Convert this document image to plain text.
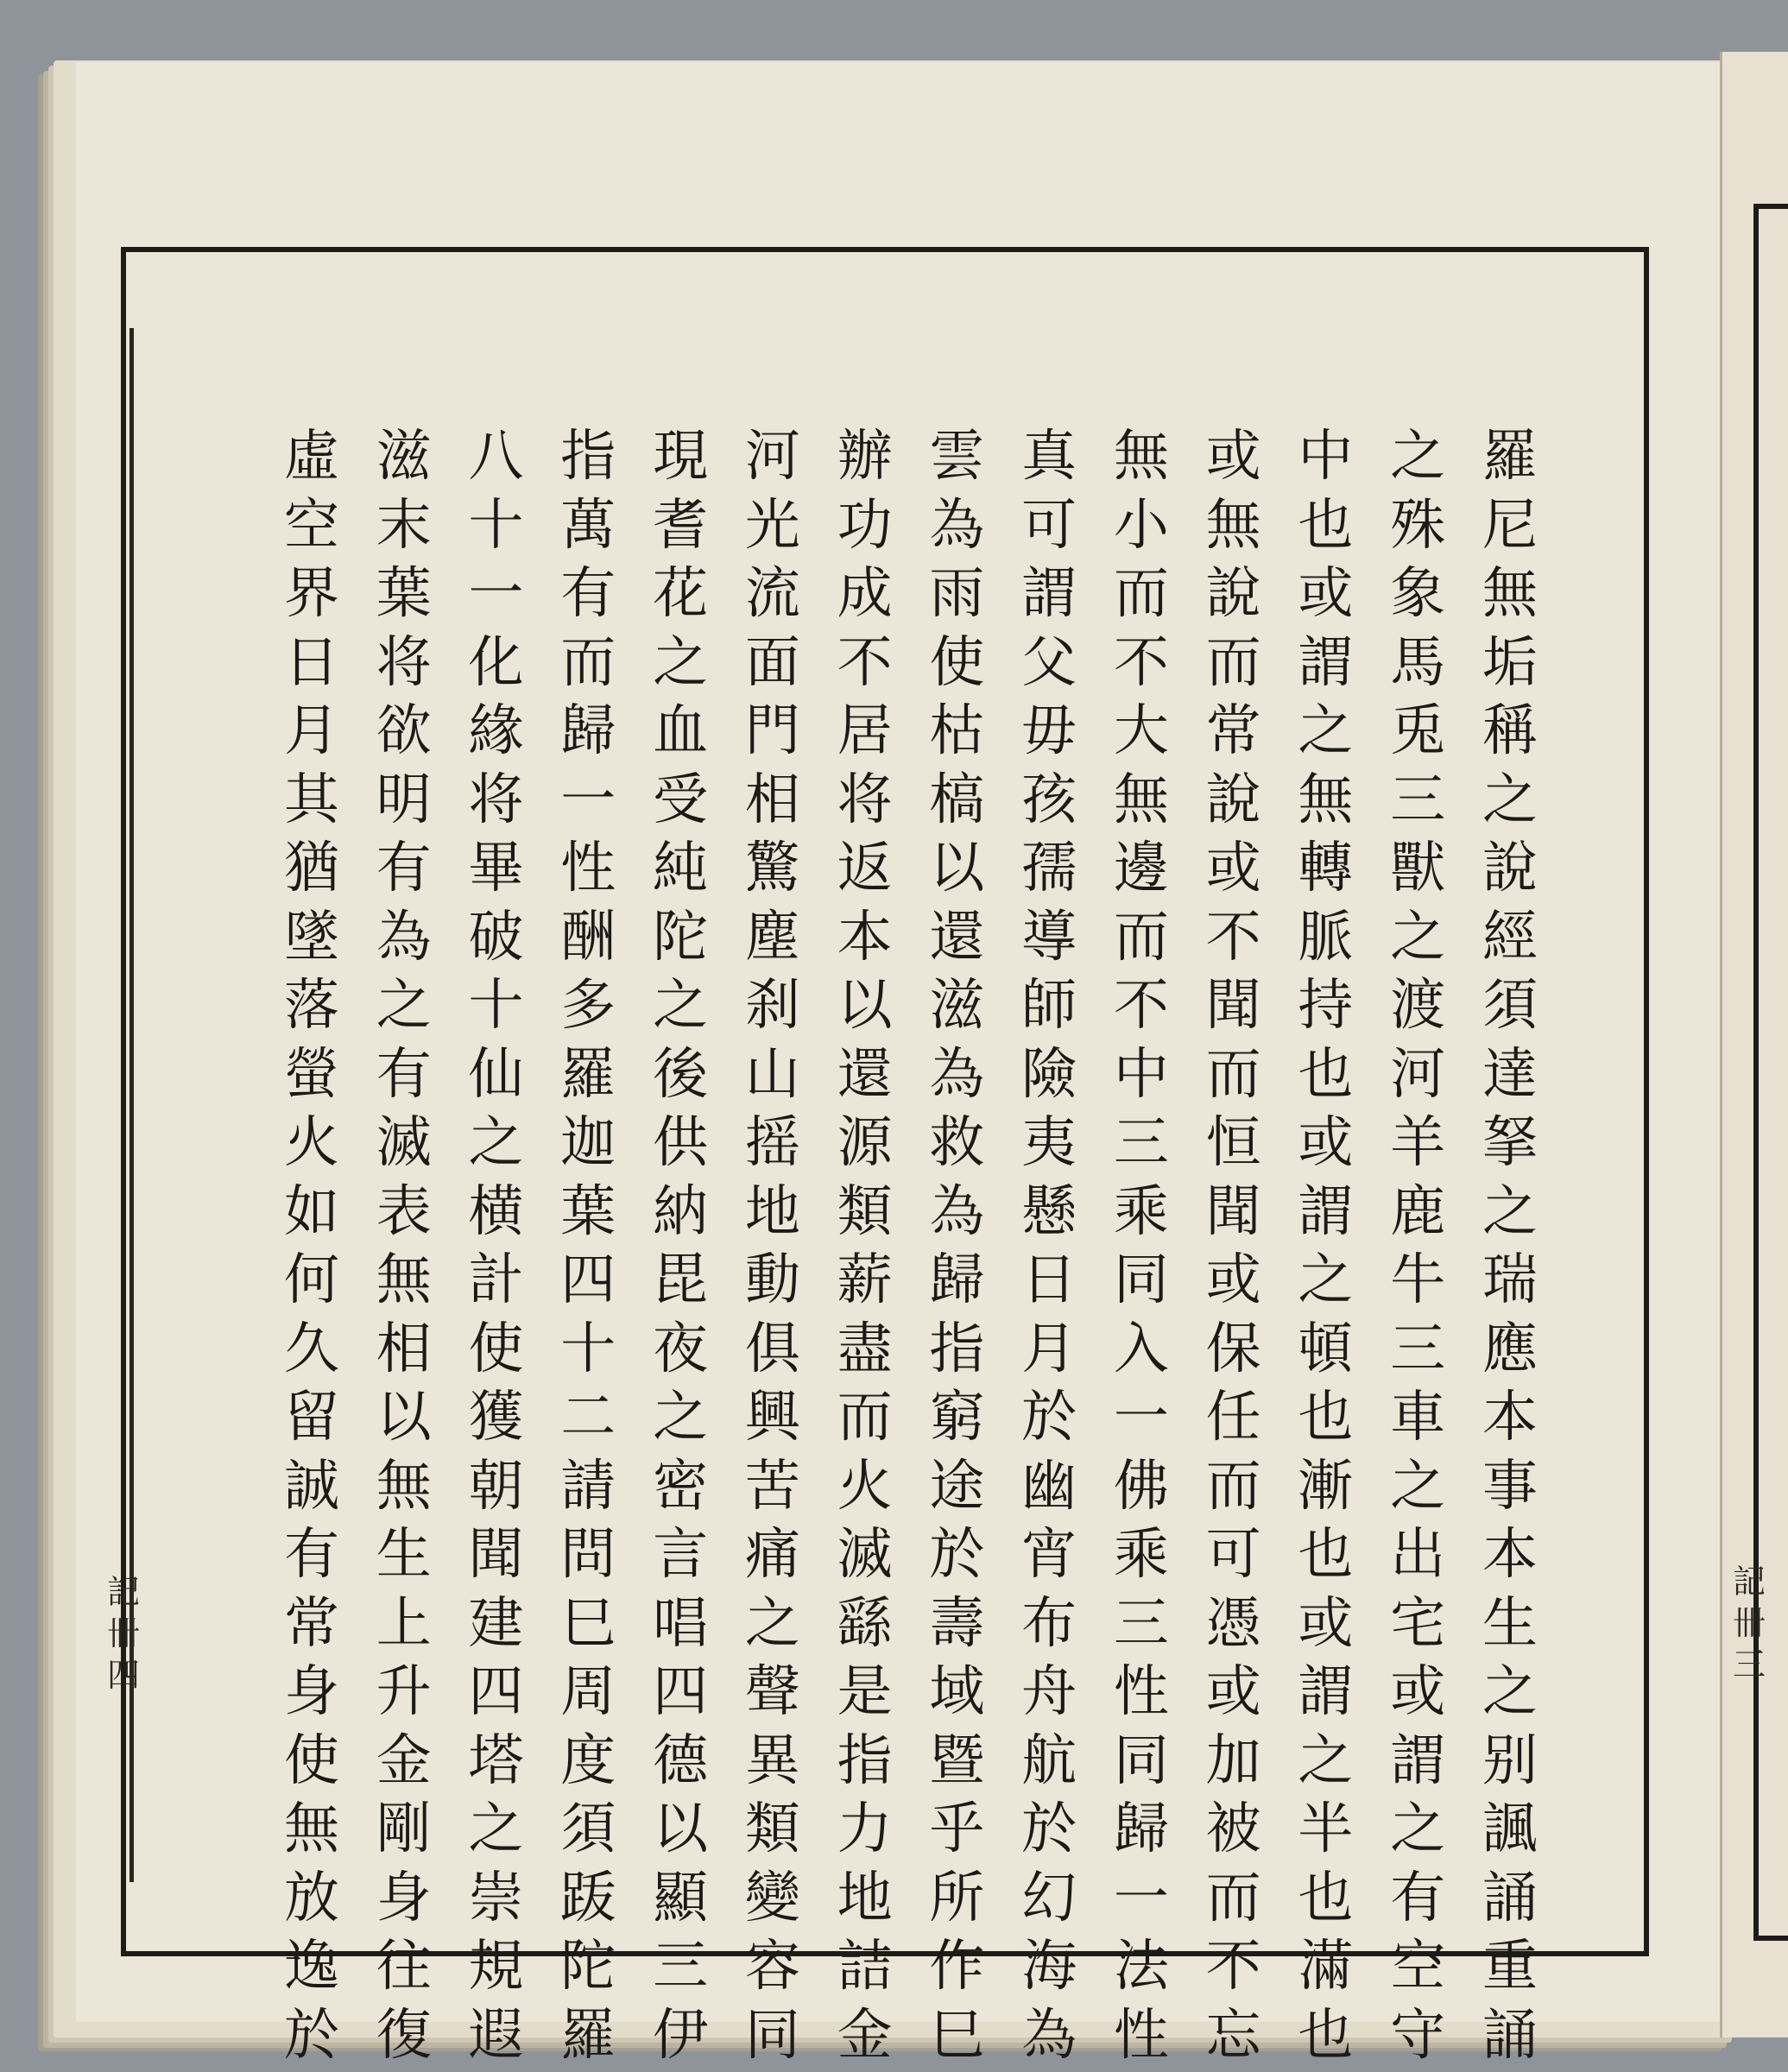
羅尼無垢稱之說經須達拏之瑞應本事本生之别諷誦重誦
之殊象馬兎三獸之渡河羊鹿牛三車之出宅或謂之有空守
中也或謂之無轉脈持也或謂之頓也漸也或謂之半也滿也
或無說而常說或不聞而恒聞或保任而可憑或加被而不忘
無小而不大無邊而不中三乘同入一佛乘三性同歸一法性
真可謂父毋孩孺導師險夷懸日月於幽宵布舟航於幻海為
雲為雨使枯槁以還滋為救為歸指窮途於壽域暨乎所作巳
辦功成不居将返本以還源類薪盡而火滅繇是指力地詰金
河光流面門相驚塵刹山摇地動俱興苦痛之聲異類變容同
現耆花之血受純陀之後供納毘夜之密言唱四德以顯三伊
指萬有而歸一性酬多羅迦葉四十二請問巳周度須䟦陀羅
八十一化緣将畢破十仙之横計使獲朝聞建四塔之崇規遐
滋末葉将欲明有為之有滅表無相以無生上升金剛身往復
虛空界日月其猶墜落螢火如何久留誠有常身使無放逸於
記卌四
記卌三
